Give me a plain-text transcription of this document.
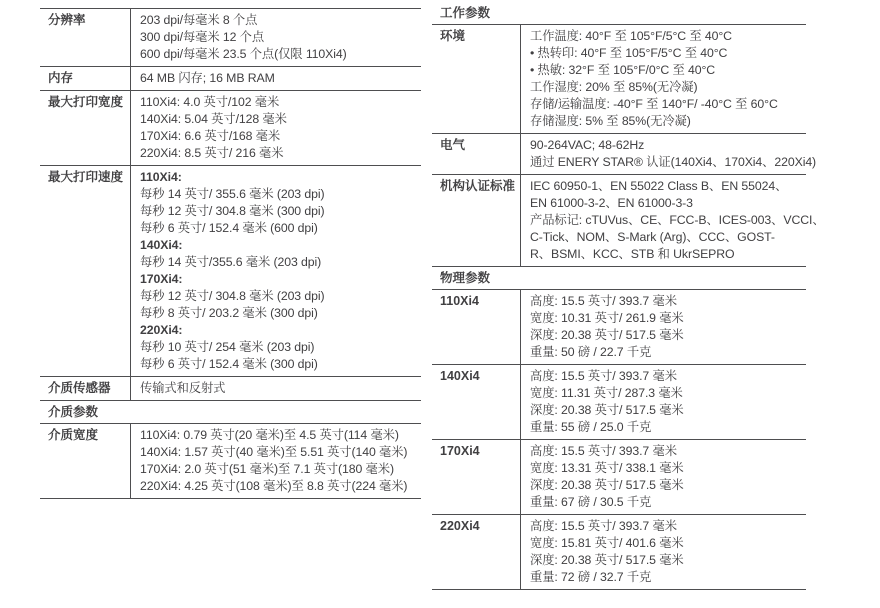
分辨率	203 dpi/每毫米 8 个点
300 dpi/每毫米 12 个点
600 dpi/每毫米 23.5 个点(仅限 110Xi4)
内存	64 MB 闪存; 16 MB RAM
最大打印宽度	110Xi4: 4.0 英寸/102 毫米
140Xi4: 5.04 英寸/128 毫米
170Xi4: 6.6 英寸/168 毫米
220Xi4: 8.5 英寸/ 216 毫米
最大打印速度	110Xi4:
每秒 14 英寸/ 355.6 毫米 (203 dpi)
每秒 12 英寸/ 304.8 毫米 (300 dpi)
每秒 6 英寸/ 152.4 毫米 (600 dpi)
140Xi4:
每秒 14 英寸/355.6 毫米 (203 dpi)
170Xi4:
每秒 12 英寸/ 304.8 毫米 (203 dpi)
每秒 8 英寸/ 203.2 毫米 (300 dpi)
220Xi4:
每秒 10 英寸/ 254 毫米 (203 dpi)
每秒 6 英寸/ 152.4 毫米 (300 dpi)
介质传感器	传输式和反射式
介质参数
介质宽度	110Xi4: 0.79 英寸(20 毫米)至 4.5 英寸(114 毫米)
140Xi4: 1.57 英寸(40 毫米)至 5.51 英寸(140 毫米)
170Xi4: 2.0 英寸(51 毫米)至 7.1 英寸(180 毫米)
220Xi4: 4.25 英寸(108 毫米)至 8.8 英寸(224 毫米)
工作参数
环境	工作温度: 40°F 至 105°F/5°C 至 40°C
• 热转印: 40°F 至 105°F/5°C 至 40°C
• 热敏: 32°F 至 105°F/0°C 至 40°C
工作湿度: 20% 至 85%(无冷凝)
存储/运输温度: -40°F 至 140°F/ -40°C 至 60°C
存储湿度: 5% 至 85%(无冷凝)
电气	90-264VAC; 48-62Hz
通过 ENERY STAR® 认证(140Xi4、170Xi4、220Xi4)
机构认证标准	IEC 60950-1、EN 55022 Class B、EN 55024、
EN 61000-3-2、EN 61000-3-3
产品标记: cTUVus、CE、FCC-B、ICES-003、VCCI、
C-Tick、NOM、S-Mark (Arg)、CCC、GOST-
R、BSMI、KCC、STB 和 UkrSEPRO
物理参数
110Xi4	高度: 15.5 英寸/ 393.7 毫米
宽度: 10.31 英寸/ 261.9 毫米
深度: 20.38 英寸/ 517.5 毫米
重量: 50 磅 / 22.7 千克
140Xi4	高度: 15.5 英寸/ 393.7 毫米
宽度: 11.31 英寸/ 287.3 毫米
深度: 20.38 英寸/ 517.5 毫米
重量: 55 磅 / 25.0 千克
170Xi4	高度: 15.5 英寸/ 393.7 毫米
宽度: 13.31 英寸/ 338.1 毫米
深度: 20.38 英寸/ 517.5 毫米
重量: 67 磅 / 30.5 千克
220Xi4	高度: 15.5 英寸/ 393.7 毫米
宽度: 15.81 英寸/ 401.6 毫米
深度: 20.38 英寸/ 517.5 毫米
重量: 72 磅 / 32.7 千克
